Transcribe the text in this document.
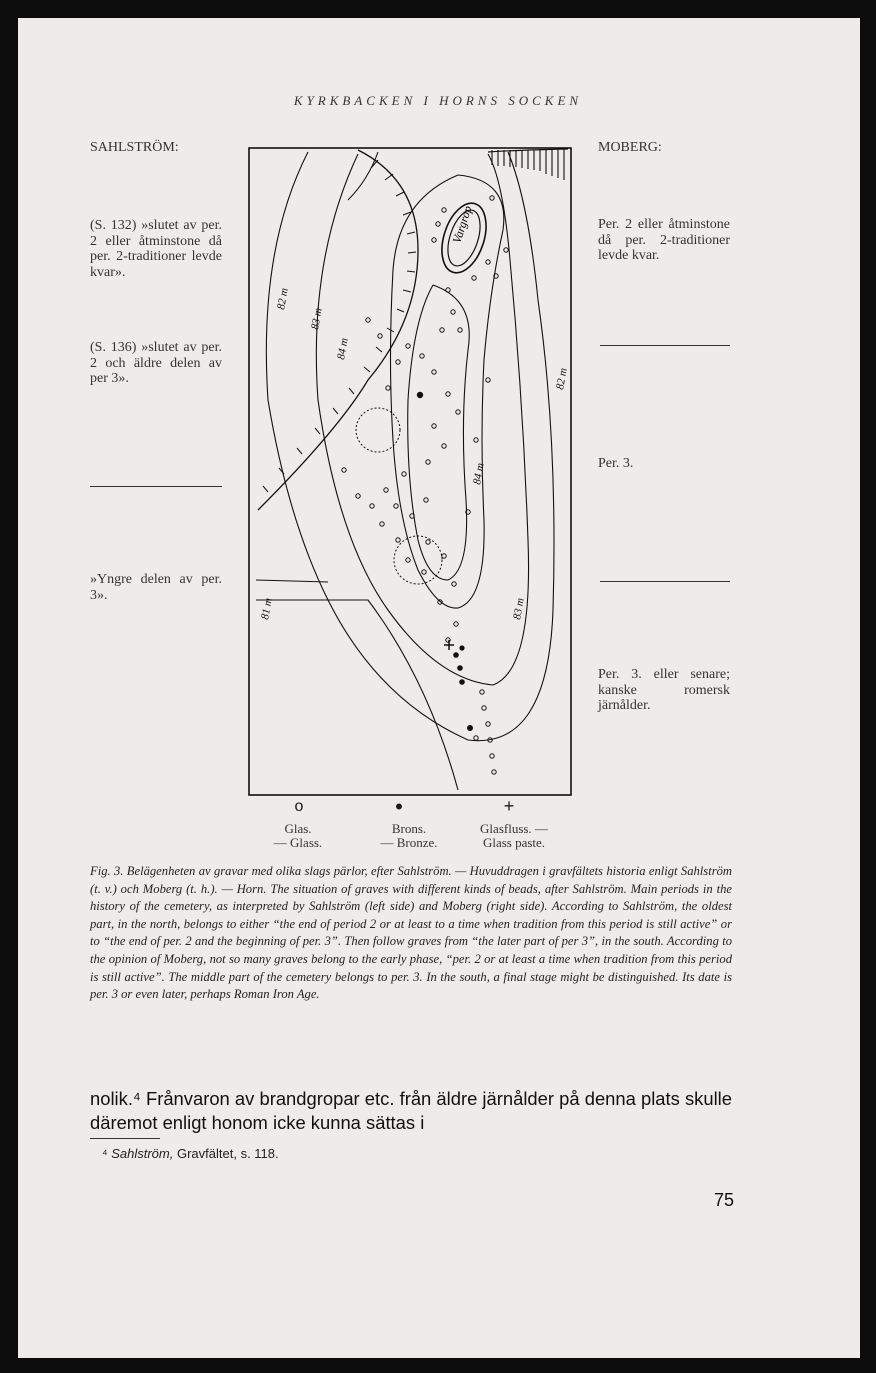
KYRKBACKEN I HORNS SOCKEN
SAHLSTRÖM:
(S. 132) »slutet av per. 2 eller åtminstone då per. 2-traditioner levde kvar».
(S. 136) »slutet av per. 2 och äldre delen av per 3».
»Yngre delen av per. 3».
MOBERG:
Per. 2 eller åtminstone då per. 2-traditioner levde kvar.
Per. 3.
Per. 3. eller senare; kanske romersk järnålder.
Vargrop
82 m
83 m
84 m
84 m
83 m
82 m
81 m
o	•	+
Glas.
— Glass.
Brons.
— Bronze.
Glasfluss. —
Glass paste.
Fig. 3. Belägenheten av gravar med olika slags pärlor, efter Sahlström. — Huvuddragen i gravfältets historia enligt Sahlström (t. v.) och Moberg (t. h.). — Horn. The situation of graves with different kinds of beads, after Sahlström. Main periods in the history of the cemetery, as interpreted by Sahlström (left side) and Moberg (right side). According to Sahlström, the oldest part, in the north, belongs to either “the end of period 2 or at least to a time when tradition from this period is still active” or to “the end of per. 2 and the beginning of per. 3”. Then follow graves from “the later part of per 3”, in the south. According to the opinion of Moberg, not so many graves belong to the early phase, “per. 2 or at least a time when tradition from this period is still active”. The middle part of the cemetery belongs to per. 3. In the south, a final stage might be distinguished. Its date is per. 3 or even later, perhaps Roman Iron Age.
nolik.⁴ Frånvaron av brandgropar etc. från äldre järnålder på denna plats skulle däremot enligt honom icke kunna sättas i
⁴ Sahlström, Gravfältet, s. 118.
75
